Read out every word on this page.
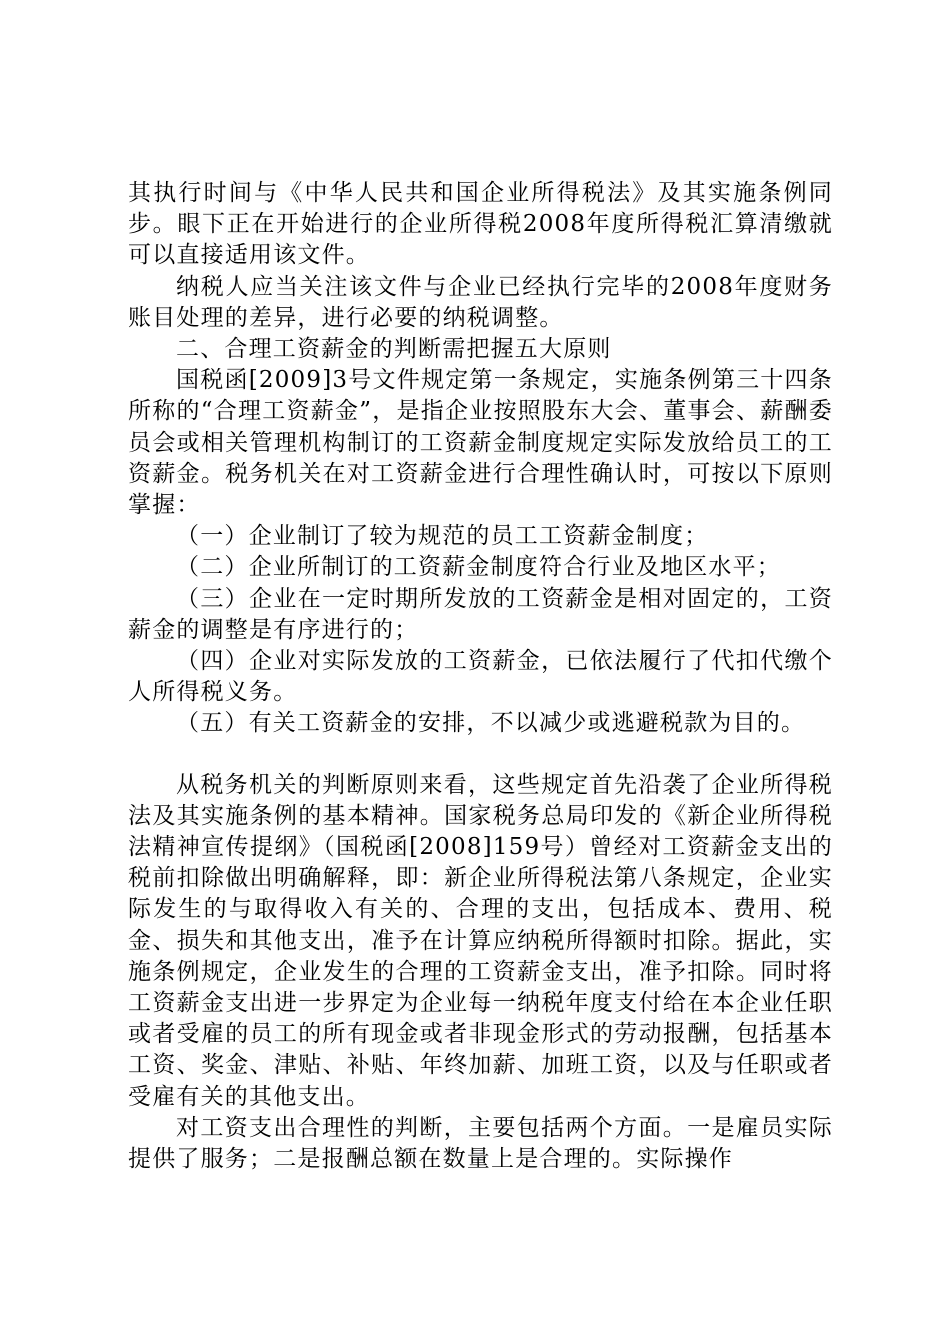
其执行时间与《中华人民共和国企业所得税法》及其实施条例同步。眼下正在开始进行的企业所得税2008年度所得税汇算清缴就可以直接适用该文件。

纳税人应当关注该文件与企业已经执行完毕的2008年度财务账目处理的差异，进行必要的纳税调整。

二、合理工资薪金的判断需把握五大原则

国税函[2009]3号文件规定第一条规定，实施条例第三十四条所称的“合理工资薪金”，是指企业按照股东大会、董事会、薪酬委员会或相关管理机构制订的工资薪金制度规定实际发放给员工的工资薪金。税务机关在对工资薪金进行合理性确认时，可按以下原则掌握：

（一）企业制订了较为规范的员工工资薪金制度；

（二）企业所制订的工资薪金制度符合行业及地区水平；

（三）企业在一定时期所发放的工资薪金是相对固定的，工资薪金的调整是有序进行的；

（四）企业对实际发放的工资薪金，已依法履行了代扣代缴个人所得税义务。

（五）有关工资薪金的安排，不以减少或逃避税款为目的。

从税务机关的判断原则来看，这些规定首先沿袭了企业所得税法及其实施条例的基本精神。国家税务总局印发的《新企业所得税法精神宣传提纲》（国税函[2008]159号）曾经对工资薪金支出的税前扣除做出明确解释，即：新企业所得税法第八条规定，企业实际发生的与取得收入有关的、合理的支出，包括成本、费用、税金、损失和其他支出，准予在计算应纳税所得额时扣除。据此，实施条例规定，企业发生的合理的工资薪金支出，准予扣除。同时将工资薪金支出进一步界定为企业每一纳税年度支付给在本企业任职或者受雇的员工的所有现金或者非现金形式的劳动报酬，包括基本工资、奖金、津贴、补贴、年终加薪、加班工资，以及与任职或者受雇有关的其他支出。

对工资支出合理性的判断，主要包括两个方面。一是雇员实际提供了服务；二是报酬总额在数量上是合理的。实际操作
